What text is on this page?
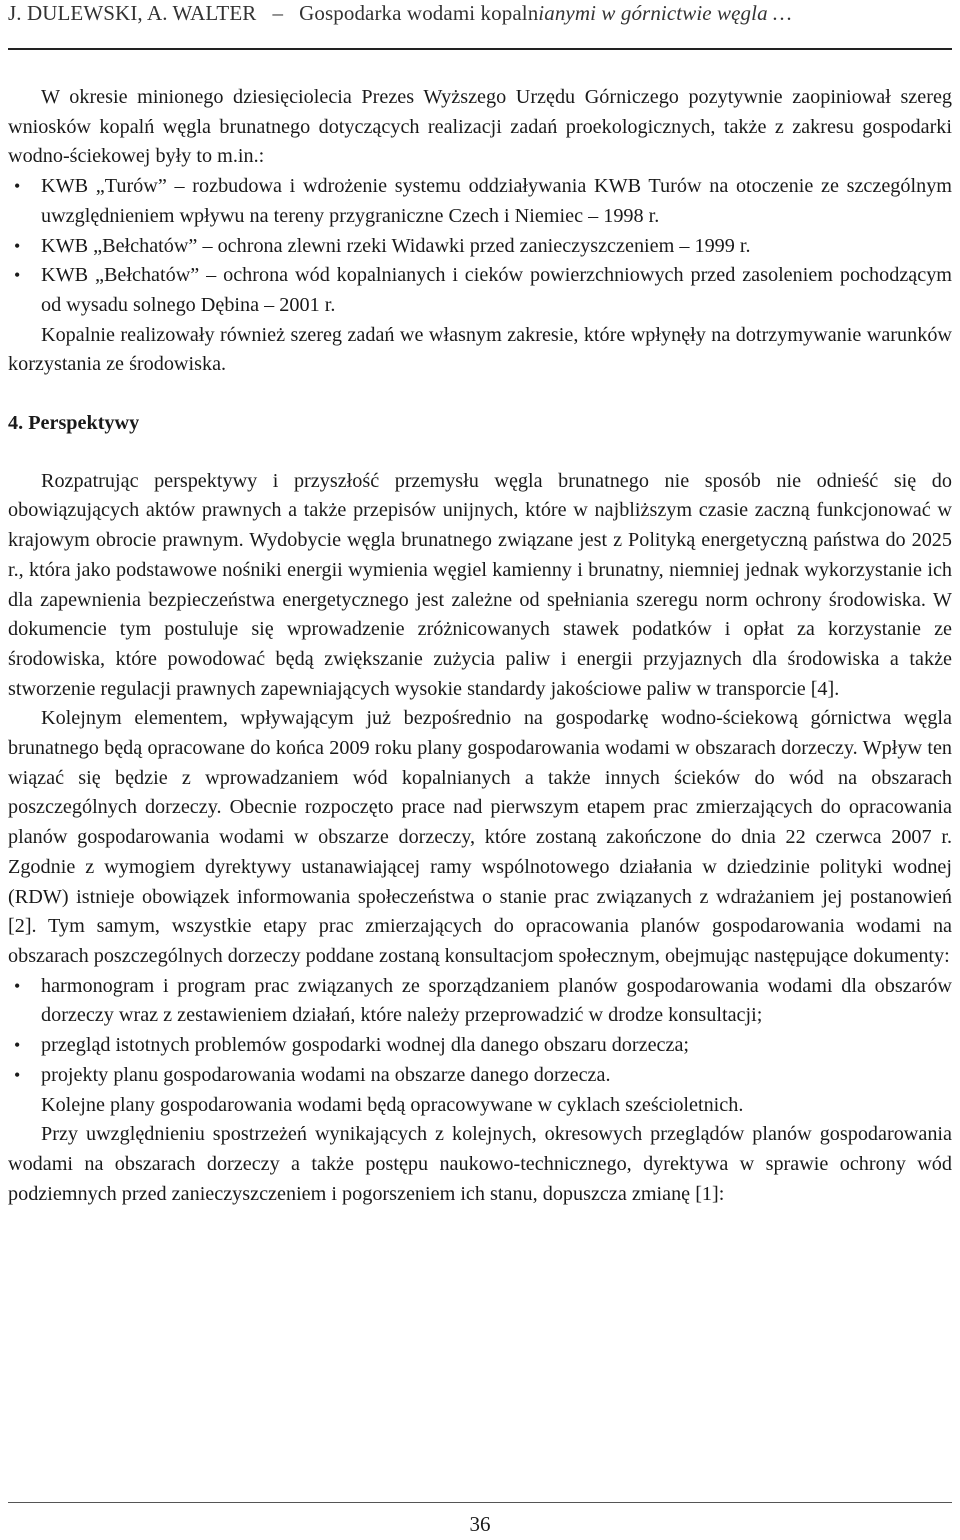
J. DULEWSKI, A. WALTER – Gospodarka wodami kopalnianymi w górnictwie węgla …

W okresie minionego dziesięciolecia Prezes Wyższego Urzędu Górniczego pozytywnie zaopiniował szereg wniosków kopalń węgla brunatnego dotyczących realizacji zadań proekologicznych, także z zakresu gospodarki wodno-ściekowej były to m.in.:

• KWB „Turów” – rozbudowa i wdrożenie systemu oddziaływania KWB Turów na otoczenie ze szczególnym uwzględnieniem wpływu na tereny przygraniczne Czech i Niemiec – 1998 r.
• KWB „Bełchatów” – ochrona zlewni rzeki Widawki przed zanieczyszczeniem – 1999 r.
• KWB „Bełchatów” – ochrona wód kopalnianych i cieków powierzchniowych przed zasoleniem pochodzącym od wysadu solnego Dębina – 2001 r.

Kopalnie realizowały również szereg zadań we własnym zakresie, które wpłynęły na dotrzymywanie warunków korzystania ze środowiska.

4. Perspektywy

Rozpatrując perspektywy i przyszłość przemysłu węgla brunatnego nie sposób nie odnieść się do obowiązujących aktów prawnych a także przepisów unijnych, które w najbliższym czasie zaczną funkcjonować w krajowym obrocie prawnym. Wydobycie węgla brunatnego związane jest z Polityką energetyczną państwa do 2025 r., która jako podstawowe nośniki energii wymienia węgiel kamienny i brunatny, niemniej jednak wykorzystanie ich dla zapewnienia bezpieczeństwa energetycznego jest zależne od spełniania szeregu norm ochrony środowiska. W dokumencie tym postuluje się wprowadzenie zróżnicowanych stawek podatków i opłat za korzystanie ze środowiska, które powodować będą zwiększanie zużycia paliw i energii przyjaznych dla środowiska a także stworzenie regulacji prawnych zapewniających wysokie standardy jakościowe paliw w transporcie [4].

Kolejnym elementem, wpływającym już bezpośrednio na gospodarkę wodno-ściekową górnictwa węgla brunatnego będą opracowane do końca 2009 roku plany gospodarowania wodami w obszarach dorzeczy. Wpływ ten wiązać się będzie z wprowadzaniem wód kopalnianych a także innych ścieków do wód na obszarach poszczególnych dorzeczy. Obecnie rozpoczęto prace nad pierwszym etapem prac zmierzających do opracowania planów gospodarowania wodami w obszarze dorzeczy, które zostaną zakończone do dnia 22 czerwca 2007 r. Zgodnie z wymogiem dyrektywy ustanawiającej ramy wspólnotowego działania w dziedzinie polityki wodnej (RDW) istnieje obowiązek informowania społeczeństwa o stanie prac związanych z wdrażaniem jej postanowień [2]. Tym samym, wszystkie etapy prac zmierzających do opracowania planów gospodarowania wodami na obszarach poszczególnych dorzeczy poddane zostaną konsultacjom społecznym, obejmując następujące dokumenty:

• harmonogram i program prac związanych ze sporządzaniem planów gospodarowania wodami dla obszarów dorzeczy wraz z zestawieniem działań, które należy przeprowadzić w drodze konsultacji;
• przegląd istotnych problemów gospodarki wodnej dla danego obszaru dorzecza;
• projekty planu gospodarowania wodami na obszarze danego dorzecza.

Kolejne plany gospodarowania wodami będą opracowywane w cyklach sześcioletnich.

Przy uwzględnieniu spostrzeżeń wynikających z kolejnych, okresowych przeglądów planów gospodarowania wodami na obszarach dorzeczy a także postępu naukowo-technicznego, dyrektywa w sprawie ochrony wód podziemnych przed zanieczyszczeniem i pogorszeniem ich stanu, dopuszcza zmianę [1]:

36
